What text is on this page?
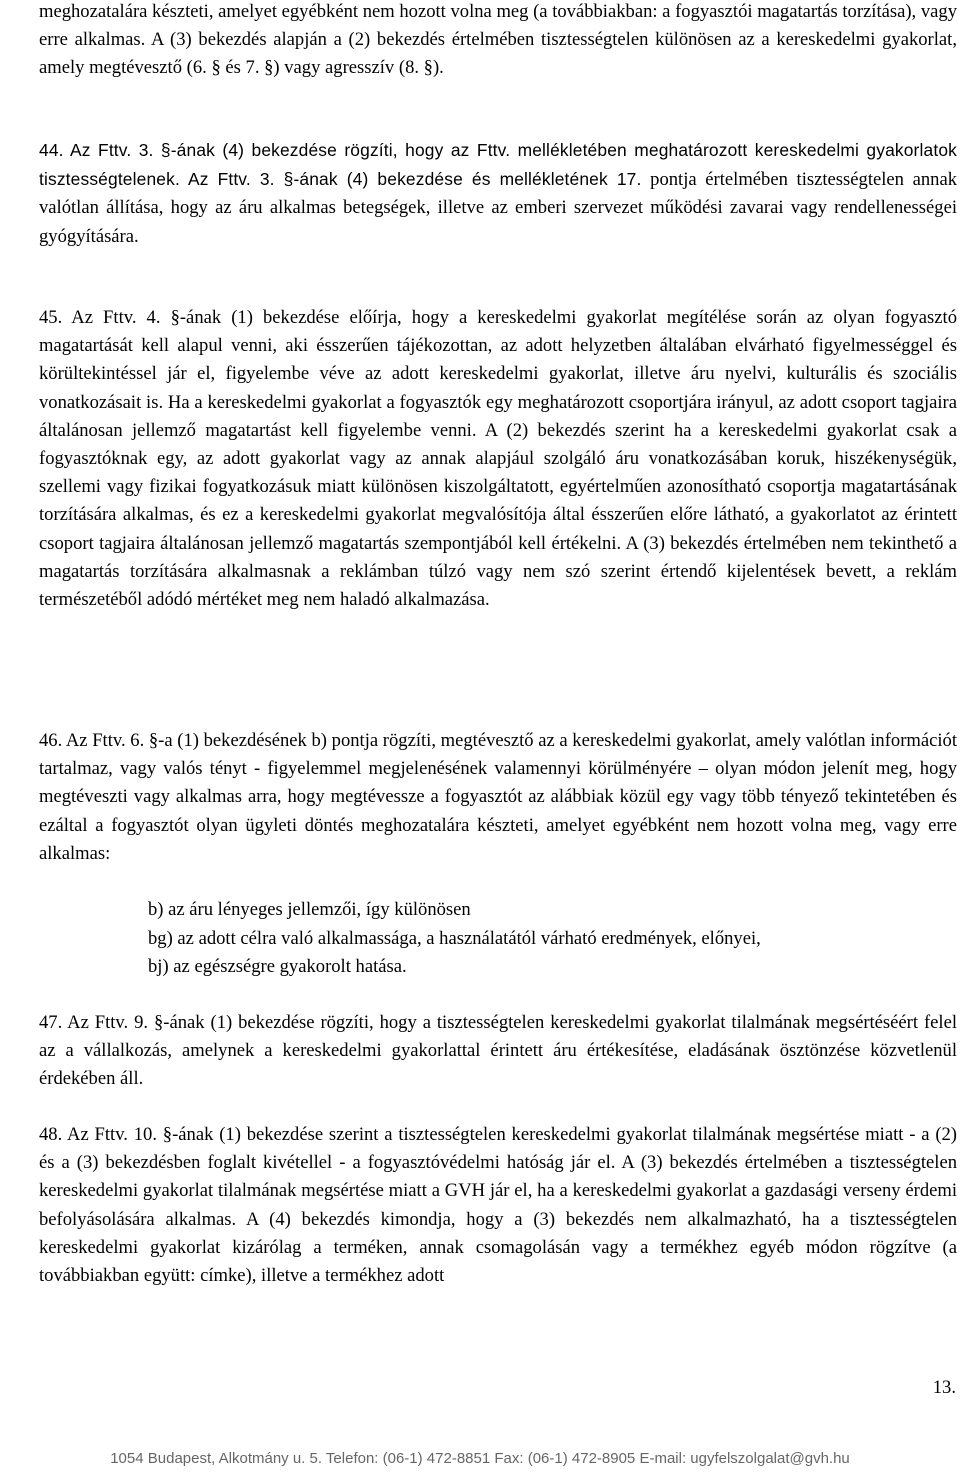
meghozatalára készteti, amelyet egyébként nem hozott volna meg (a továbbiakban: a fogyasztói magatartás torzítása), vagy erre alkalmas. A (3) bekezdés alapján a (2) bekezdés értelmében tisztességtelen különösen az a kereskedelmi gyakorlat, amely megtévesztő (6. § és 7. §) vagy agresszív (8. §).

44. Az Fttv. 3. §-ának (4) bekezdése rögzíti, hogy az Fttv. mellékletében meghatározott kereskedelmi gyakorlatok tisztességtelenek. Az Fttv. 3. §-ának (4) bekezdése és mellékletének 17. pontja értelmében tisztességtelen annak valótlan állítása, hogy az áru alkalmas betegségek, illetve az emberi szervezet működési zavarai vagy rendellenességei gyógyítására.

45. Az Fttv. 4. §-ának (1) bekezdése előírja, hogy a kereskedelmi gyakorlat megítélése során az olyan fogyasztó magatartását kell alapul venni, aki ésszerűen tájékozottan, az adott helyzetben általában elvárható figyelmességgel és körültekintéssel jár el, figyelembe véve az adott kereskedelmi gyakorlat, illetve áru nyelvi, kulturális és szociális vonatkozásait is. Ha a kereskedelmi gyakorlat a fogyasztók egy meghatározott csoportjára irányul, az adott csoport tagjaira általánosan jellemző magatartást kell figyelembe venni. A (2) bekezdés szerint ha a kereskedelmi gyakorlat csak a fogyasztóknak egy, az adott gyakorlat vagy az annak alapjául szolgáló áru vonatkozásában koruk, hiszékenységük, szellemi vagy fizikai fogyatkozásuk miatt különösen kiszolgáltatott, egyértelműen azonosítható csoportja magatartásának torzítására alkalmas, és ez a kereskedelmi gyakorlat megvalósítója által ésszerűen előre látható, a gyakorlatot az érintett csoport tagjaira általánosan jellemző magatartás szempontjából kell értékelni. A (3) bekezdés értelmében nem tekinthető a magatartás torzítására alkalmasnak a reklámban túlzó vagy nem szó szerint értendő kijelentések bevett, a reklám természetéből adódó mértéket meg nem haladó alkalmazása.

46. Az Fttv. 6. §-a (1) bekezdésének b) pontja rögzíti, megtévesztő az a kereskedelmi gyakorlat, amely valótlan információt tartalmaz, vagy valós tényt - figyelemmel megjelenésének valamennyi körülményére – olyan módon jelenít meg, hogy megtéveszti vagy alkalmas arra, hogy megtévessze a fogyasztót az alábbiak közül egy vagy több tényező tekintetében és ezáltal a fogyasztót olyan ügyleti döntés meghozatalára készteti, amelyet egyébként nem hozott volna meg, vagy erre alkalmas:

b) az áru lényeges jellemzői, így különösen
bg) az adott célra való alkalmassága, a használatától várható eredmények, előnyei,
bj) az egészségre gyakorolt hatása.

47. Az Fttv. 9. §-ának (1) bekezdése rögzíti, hogy a tisztességtelen kereskedelmi gyakorlat tilalmának megsértéséért felel az a vállalkozás, amelynek a kereskedelmi gyakorlattal érintett áru értékesítése, eladásának ösztönzése közvetlenül érdekében áll.

48. Az Fttv. 10. §-ának (1) bekezdése szerint a tisztességtelen kereskedelmi gyakorlat tilalmának megsértése miatt - a (2) és a (3) bekezdésben foglalt kivétellel - a fogyasztóvédelmi hatóság jár el. A (3) bekezdés értelmében a tisztességtelen kereskedelmi gyakorlat tilalmának megsértése miatt a GVH jár el, ha a kereskedelmi gyakorlat a gazdasági verseny érdemi befolyásolására alkalmas. A (4) bekezdés kimondja, hogy a (3) bekezdés nem alkalmazható, ha a tisztességtelen kereskedelmi gyakorlat kizárólag a terméken, annak csomagolásán vagy a termékhez egyéb módon rögzítve (a továbbiakban együtt: címke), illetve a termékhez adott

13.
1054 Budapest, Alkotmány u. 5. Telefon: (06-1) 472-8851 Fax: (06-1) 472-8905 E-mail: ugyfelszolgalat@gvh.hu
